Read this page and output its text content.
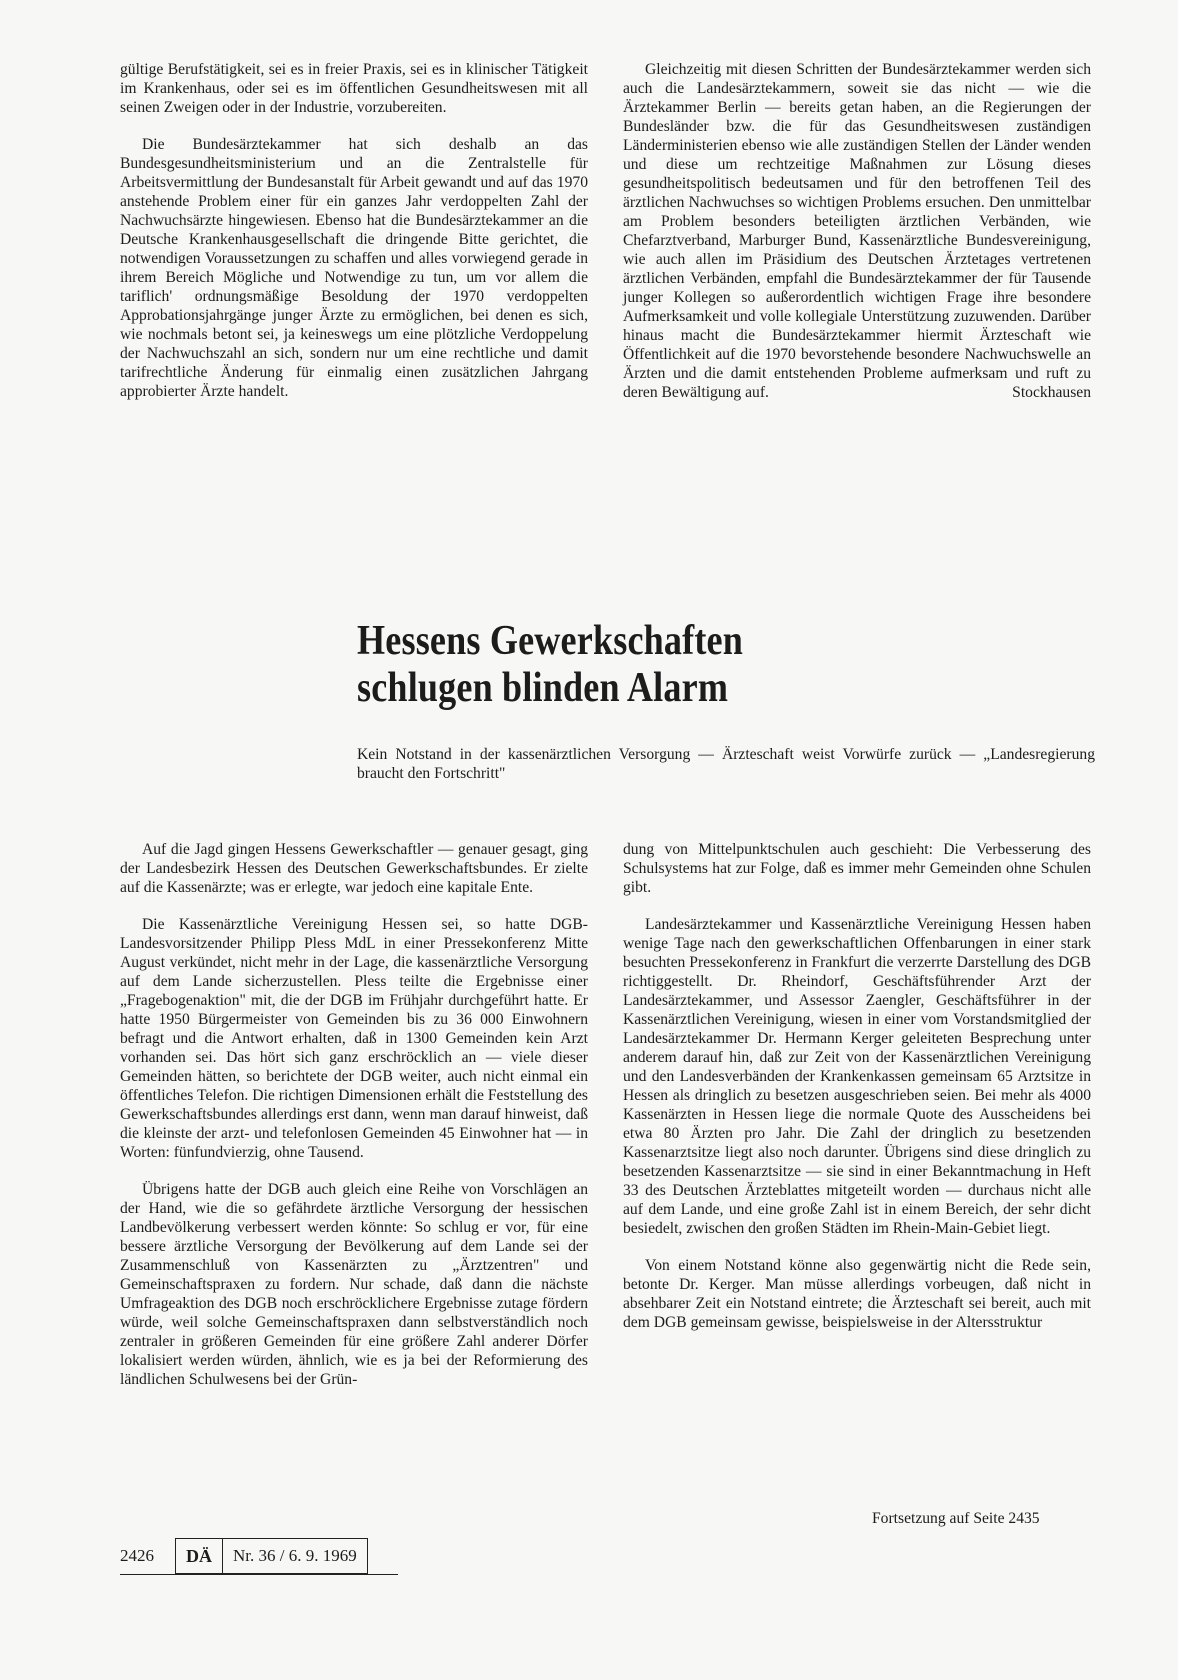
gültige Berufstätigkeit, sei es in freier Praxis, sei es in klinischer Tätigkeit im Krankenhaus, oder sei es im öffentlichen Gesundheitswesen mit all seinen Zweigen oder in der Industrie, vorzubereiten.

Die Bundesärztekammer hat sich deshalb an das Bundesgesundheitsministerium und an die Zentralstelle für Arbeitsvermittlung der Bundesanstalt für Arbeit gewandt und auf das 1970 anstehende Problem einer für ein ganzes Jahr verdoppelten Zahl der Nachwuchsärzte hingewiesen. Ebenso hat die Bundesärztekammer an die Deutsche Krankenhausgesellschaft die dringende Bitte gerichtet, die notwendigen Voraussetzungen zu schaffen und alles vorwiegend gerade in ihrem Bereich Mögliche und Notwendige zu tun, um vor allem die tariflich' ordnungsmäßige Besoldung der 1970 verdoppelten Approbationsjahrgänge junger Ärzte zu ermöglichen, bei denen es sich, wie nochmals betont sei, ja keineswegs um eine plötzliche Verdoppelung der Nachwuchszahl an sich, sondern nur um eine rechtliche und damit tarifrechtliche Änderung für einmalig einen zusätzlichen Jahrgang approbierter Ärzte handelt.

Gleichzeitig mit diesen Schritten der Bundesärztekammer werden sich auch die Landesärztekammern, soweit sie das nicht — wie die Ärztekammer Berlin — bereits getan haben, an die Regierungen der Bundesländer bzw. die für das Gesundheitswesen zuständigen Länderministerien ebenso wie alle zuständigen Stellen der Länder wenden und diese um rechtzeitige Maßnahmen zur Lösung dieses gesundheitspolitisch bedeutsamen und für den betroffenen Teil des ärztlichen Nachwuchses so wichtigen Problems ersuchen. Den unmittelbar am Problem besonders beteiligten ärztlichen Verbänden, wie Chefarztverband, Marburger Bund, Kassenärztliche Bundesvereinigung, wie auch allen im Präsidium des Deutschen Ärztetages vertretenen ärztlichen Verbänden, empfahl die Bundesärztekammer der für Tausende junger Kollegen so außerordentlich wichtigen Frage ihre besondere Aufmerksamkeit und volle kollegiale Unterstützung zuzuwenden. Darüber hinaus macht die Bundesärztekammer hiermit Ärzteschaft wie Öffentlichkeit auf die 1970 bevorstehende besondere Nachwuchswelle an Ärzten und die damit entstehenden Probleme aufmerksam und ruft zu deren Bewältigung auf.	Stockhausen

Hessens Gewerkschaften
schlugen blinden Alarm
Kein Notstand in der kassenärztlichen Versorgung — Ärzteschaft weist Vorwürfe zurück — „Landesregierung braucht den Fortschritt"

Auf die Jagd gingen Hessens Gewerkschaftler — genauer gesagt, ging der Landesbezirk Hessen des Deutschen Gewerkschaftsbundes. Er zielte auf die Kassenärzte; was er erlegte, war jedoch eine kapitale Ente.

Die Kassenärztliche Vereinigung Hessen sei, so hatte DGB-Landesvorsitzender Philipp Pless MdL in einer Pressekonferenz Mitte August verkündet, nicht mehr in der Lage, die kassenärztliche Versorgung auf dem Lande sicherzustellen. Pless teilte die Ergebnisse einer „Fragebogenaktion" mit, die der DGB im Frühjahr durchgeführt hatte. Er hatte 1950 Bürgermeister von Gemeinden bis zu 36 000 Einwohnern befragt und die Antwort erhalten, daß in 1300 Gemeinden kein Arzt vorhanden sei. Das hört sich ganz erschröcklich an — viele dieser Gemeinden hätten, so berichtete der DGB weiter, auch nicht einmal ein öffentliches Telefon. Die richtigen Dimensionen erhält die Feststellung des Gewerkschaftsbundes allerdings erst dann, wenn man darauf hinweist, daß die kleinste der arzt- und telefonlosen Gemeinden 45 Einwohner hat — in Worten: fünfundvierzig, ohne Tausend.

Übrigens hatte der DGB auch gleich eine Reihe von Vorschlägen an der Hand, wie die so gefährdete ärztliche Versorgung der hessischen Landbevölkerung verbessert werden könnte: So schlug er vor, für eine bessere ärztliche Versorgung der Bevölkerung auf dem Lande sei der Zusammenschluß von Kassenärzten zu „Ärztzentren" und Gemeinschaftspraxen zu fordern. Nur schade, daß dann die nächste Umfrageaktion des DGB noch erschröcklichere Ergebnisse zutage fördern würde, weil solche Gemeinschaftspraxen dann selbstverständlich noch zentraler in größeren Gemeinden für eine größere Zahl anderer Dörfer lokalisiert werden würden, ähnlich, wie es ja bei der Reformierung des ländlichen Schulwesens bei der Grün-

dung von Mittelpunktschulen auch geschieht: Die Verbesserung des Schulsystems hat zur Folge, daß es immer mehr Gemeinden ohne Schulen gibt.

Landesärztekammer und Kassenärztliche Vereinigung Hessen haben wenige Tage nach den gewerkschaftlichen Offenbarungen in einer stark besuchten Pressekonferenz in Frankfurt die verzerrte Darstellung des DGB richtiggestellt. Dr. Rheindorf, Geschäftsführender Arzt der Landesärztekammer, und Assessor Zaengler, Geschäftsführer in der Kassenärztlichen Vereinigung, wiesen in einer vom Vorstandsmitglied der Landesärztekammer Dr. Hermann Kerger geleiteten Besprechung unter anderem darauf hin, daß zur Zeit von der Kassenärztlichen Vereinigung und den Landesverbänden der Krankenkassen gemeinsam 65 Arztsitze in Hessen als dringlich zu besetzen ausgeschrieben seien. Bei mehr als 4000 Kassenärzten in Hessen liege die normale Quote des Ausscheidens bei etwa 80 Ärzten pro Jahr. Die Zahl der dringlich zu besetzenden Kassenarztsitze liegt also noch darunter. Übrigens sind diese dringlich zu besetzenden Kassenarztsitze — sie sind in einer Bekanntmachung in Heft 33 des Deutschen Ärzteblattes mitgeteilt worden — durchaus nicht alle auf dem Lande, und eine große Zahl ist in einem Bereich, der sehr dicht besiedelt, zwischen den großen Städten im Rhein-Main-Gebiet liegt.

Von einem Notstand könne also gegenwärtig nicht die Rede sein, betonte Dr. Kerger. Man müsse allerdings vorbeugen, daß nicht in absehbarer Zeit ein Notstand eintrete; die Ärzteschaft sei bereit, auch mit dem DGB gemeinsam gewisse, beispielsweise in der Altersstruktur

Fortsetzung auf Seite 2435
2426	DÄ	Nr. 36 / 6. 9. 1969
